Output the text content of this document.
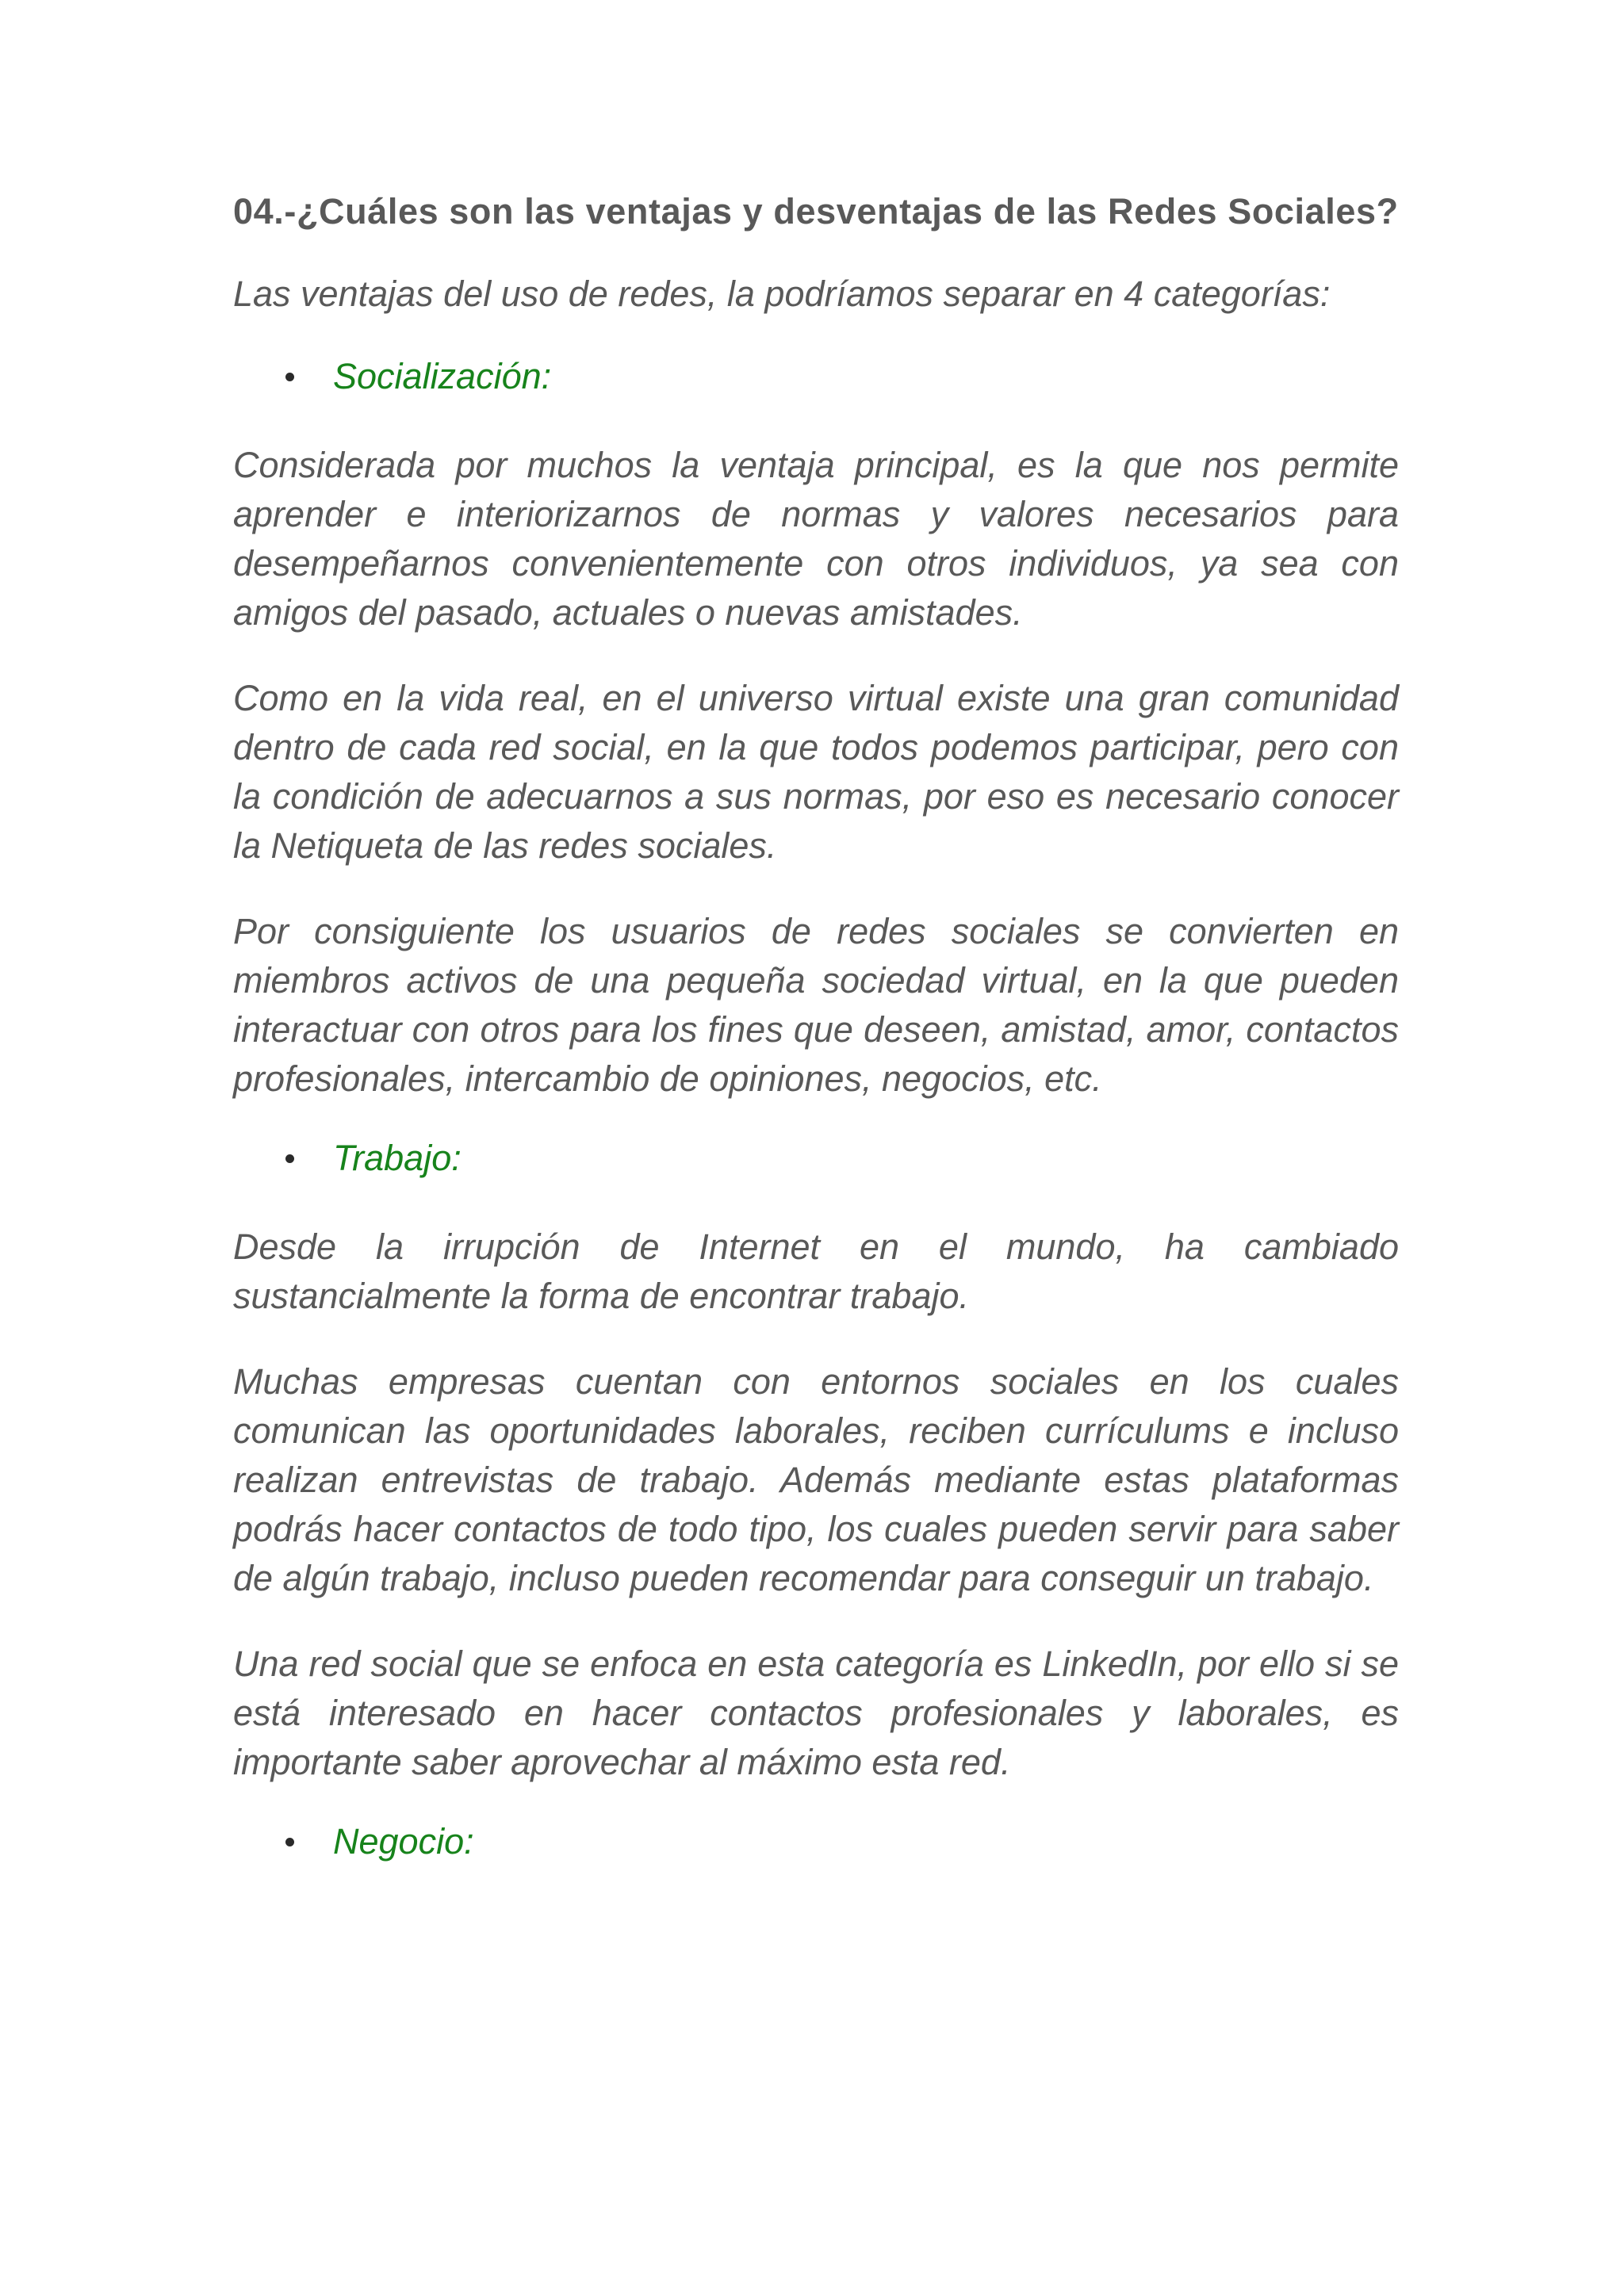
04.-¿Cuáles son las ventajas y desventajas de las Redes Sociales?

Las ventajas del uso de redes, la podríamos separar en 4 categorías:

Socialización:

Considerada por muchos la ventaja principal, es la que nos permite aprender e interiorizarnos de normas y valores necesarios para desempeñarnos convenientemente con otros individuos, ya sea con amigos del pasado, actuales o nuevas amistades.

Como en la vida real, en el universo virtual existe una gran comunidad dentro de cada red social, en la que todos podemos participar, pero con la condición de adecuarnos a sus normas, por eso es necesario conocer la Netiqueta de las redes sociales.

Por consiguiente los usuarios de redes sociales se convierten en miembros activos de una pequeña sociedad virtual, en la que pueden interactuar con otros para los fines que deseen, amistad, amor, contactos profesionales, intercambio de opiniones, negocios, etc.

Trabajo:

Desde la irrupción de Internet en el mundo, ha cambiado sustancialmente la forma de encontrar trabajo.

Muchas empresas cuentan con entornos sociales en los cuales comunican las oportunidades laborales, reciben currículums e incluso realizan entrevistas de trabajo. Además mediante estas plataformas podrás hacer contactos de todo tipo, los cuales pueden servir para saber de algún trabajo, incluso pueden recomendar para conseguir un trabajo.

Una red social que se enfoca en esta categoría es LinkedIn, por ello si se está interesado en hacer contactos profesionales y laborales, es importante saber aprovechar al máximo esta red.

Negocio:
